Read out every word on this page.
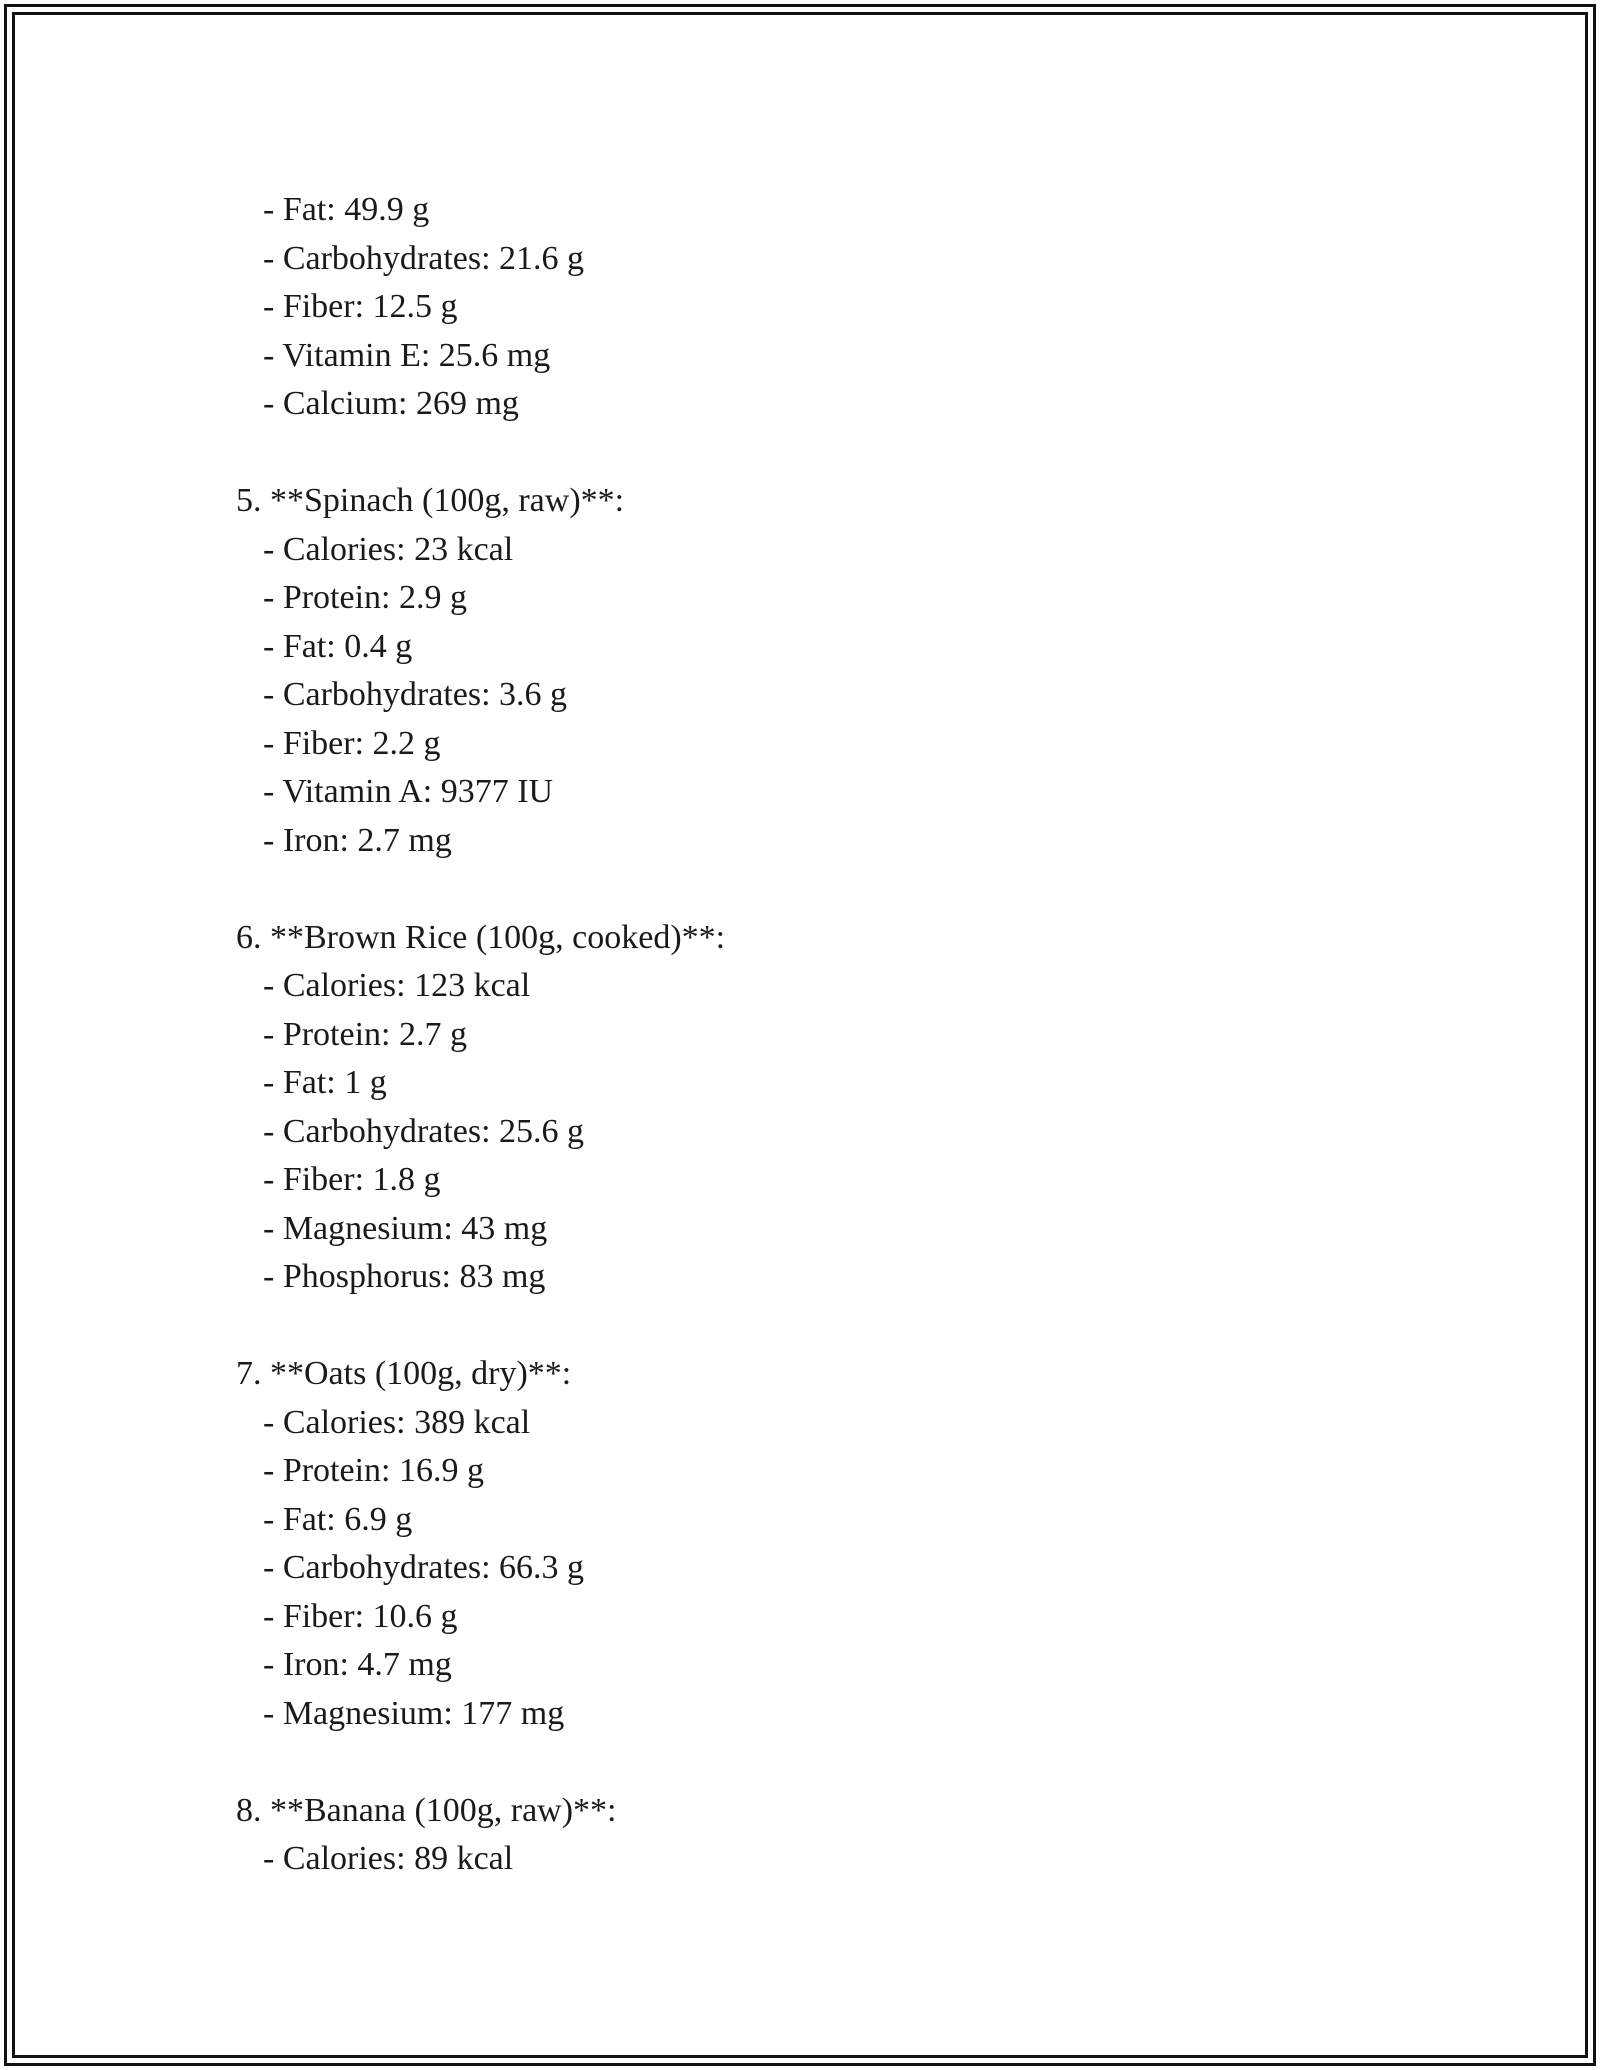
- Fat: 49.9 g
- Carbohydrates: 21.6 g
- Fiber: 12.5 g
- Vitamin E: 25.6 mg
- Calcium: 269 mg
5. **Spinach (100g, raw)**:
- Calories: 23 kcal
- Protein: 2.9 g
- Fat: 0.4 g
- Carbohydrates: 3.6 g
- Fiber: 2.2 g
- Vitamin A: 9377 IU
- Iron: 2.7 mg
6. **Brown Rice (100g, cooked)**:
- Calories: 123 kcal
- Protein: 2.7 g
- Fat: 1 g
- Carbohydrates: 25.6 g
- Fiber: 1.8 g
- Magnesium: 43 mg
- Phosphorus: 83 mg
7. **Oats (100g, dry)**:
- Calories: 389 kcal
- Protein: 16.9 g
- Fat: 6.9 g
- Carbohydrates: 66.3 g
- Fiber: 10.6 g
- Iron: 4.7 mg
- Magnesium: 177 mg
8. **Banana (100g, raw)**:
- Calories: 89 kcal
